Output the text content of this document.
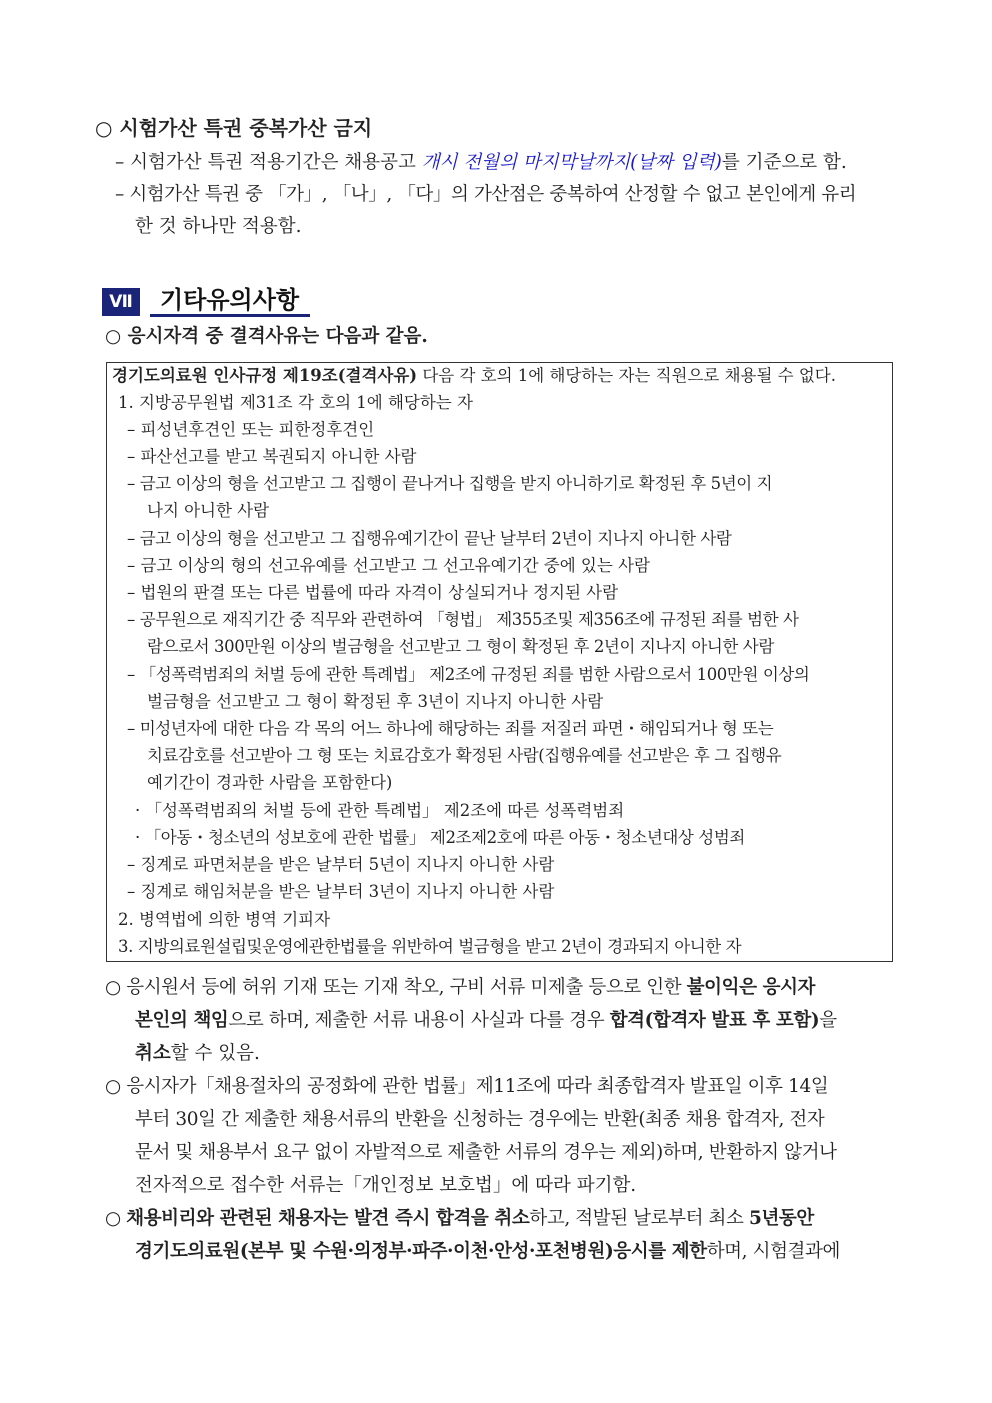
○ 시험가산 특권 중복가산 금지
– 시험가산 특권 적용기간은 채용공고 개시 전월의 마지막날까지(날짜 입력)를 기준으로 함.
– 시험가산 특권 중 「가」, 「나」, 「다」의 가산점은 중복하여 산정할 수 없고 본인에게 유리
한 것 하나만 적용함.
Ⅶ	기타유의사항
○ 응시자격 중 결격사유는 다음과 같음.
경기도의료원 인사규정 제19조(결격사유) 다음 각 호의 1에 해당하는 자는 직원으로 채용될 수 없다.
1. 지방공무원법 제31조 각 호의 1에 해당하는 자
– 피성년후견인 또는 피한정후견인
– 파산선고를 받고 복권되지 아니한 사람
– 금고 이상의 형을 선고받고 그 집행이 끝나거나 집행을 받지 아니하기로 확정된 후 5년이 지
나지 아니한 사람
– 금고 이상의 형을 선고받고 그 집행유예기간이 끝난 날부터 2년이 지나지 아니한 사람
– 금고 이상의 형의 선고유예를 선고받고 그 선고유예기간 중에 있는 사람
– 법원의 판결 또는 다른 법률에 따라 자격이 상실되거나 정지된 사람
– 공무원으로 재직기간 중 직무와 관련하여 「형법」 제355조및 제356조에 규정된 죄를 범한 사
람으로서 300만원 이상의 벌금형을 선고받고 그 형이 확정된 후 2년이 지나지 아니한 사람
– 「성폭력범죄의 처벌 등에 관한 특례법」 제2조에 규정된 죄를 범한 사람으로서 100만원 이상의
벌금형을 선고받고 그 형이 확정된 후 3년이 지나지 아니한 사람
– 미성년자에 대한 다음 각 목의 어느 하나에 해당하는 죄를 저질러 파면・해임되거나 형 또는
치료감호를 선고받아 그 형 또는 치료감호가 확정된 사람(집행유예를 선고받은 후 그 집행유
예기간이 경과한 사람을 포함한다)
· 「성폭력범죄의 처벌 등에 관한 특례법」 제2조에 따른 성폭력범죄
· 「아동・청소년의 성보호에 관한 법률」 제2조제2호에 따른 아동・청소년대상 성범죄
– 징계로 파면처분을 받은 날부터 5년이 지나지 아니한 사람
– 징계로 해임처분을 받은 날부터 3년이 지나지 아니한 사람
2. 병역법에 의한 병역 기피자
3. 지방의료원설립및운영에관한법률을 위반하여 벌금형을 받고 2년이 경과되지 아니한 자
○ 응시원서 등에 허위 기재 또는 기재 착오, 구비 서류 미제출 등으로 인한 불이익은 응시자
본인의 책임으로 하며, 제출한 서류 내용이 사실과 다를 경우 합격(합격자 발표 후 포함)을
취소할 수 있음.
○ 응시자가「채용절차의 공정화에 관한 법률」제11조에 따라 최종합격자 발표일 이후 14일
부터 30일 간 제출한 채용서류의 반환을 신청하는 경우에는 반환(최종 채용 합격자, 전자
문서 및 채용부서 요구 없이 자발적으로 제출한 서류의 경우는 제외)하며, 반환하지 않거나
전자적으로 접수한 서류는「개인정보 보호법」에 따라 파기함.
○ 채용비리와 관련된 채용자는 발견 즉시 합격을 취소하고, 적발된 날로부터 최소 5년동안
경기도의료원(본부 및 수원·의정부·파주·이천·안성·포천병원)응시를 제한하며, 시험결과에
